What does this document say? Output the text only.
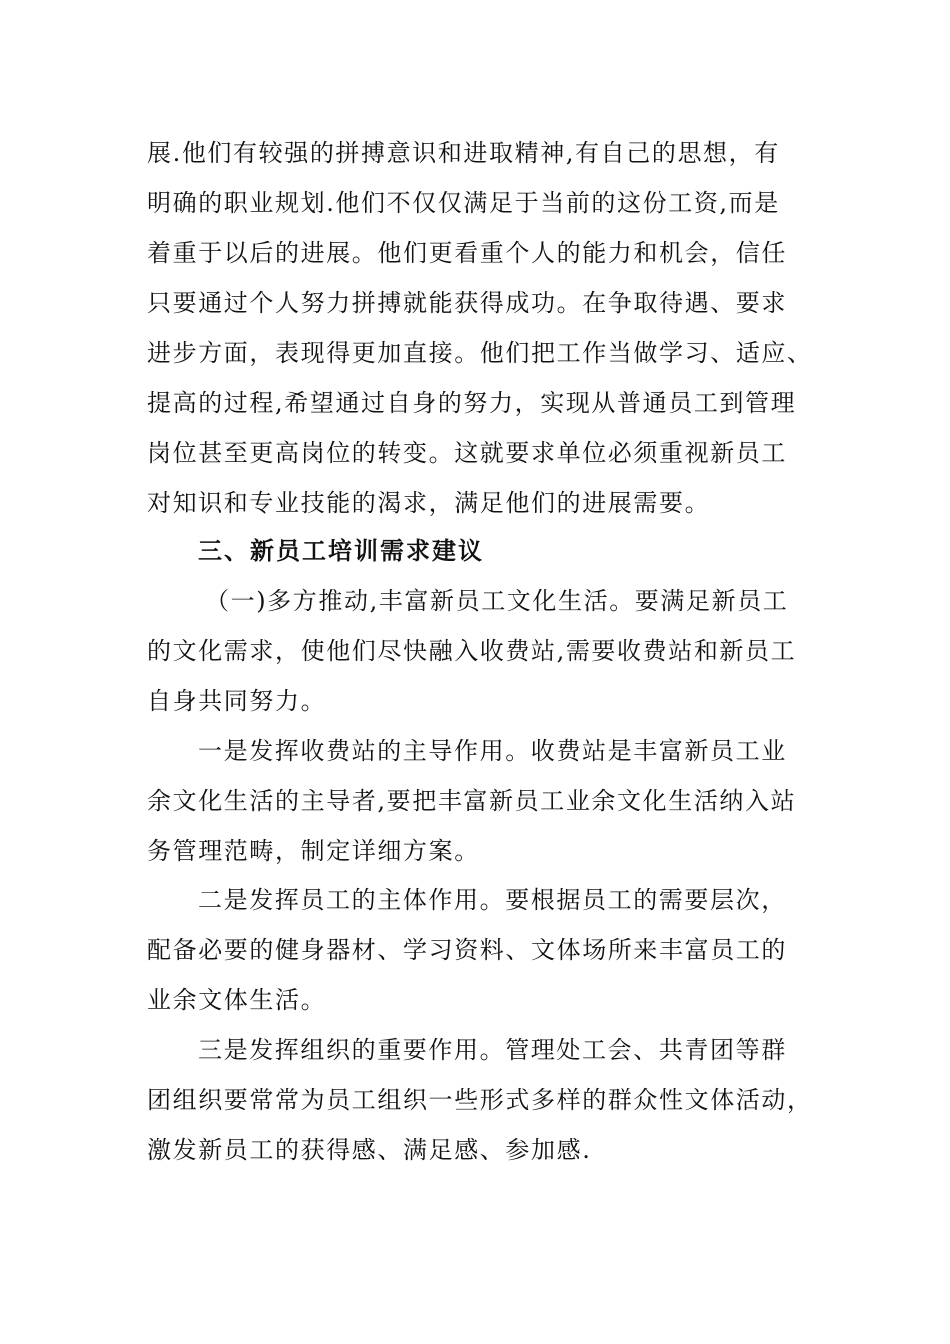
展.他们有较强的拼搏意识和进取精神,有自己的思想，有

明确的职业规划.他们不仅仅满足于当前的这份工资,而是

着重于以后的进展。他们更看重个人的能力和机会，信任

只要通过个人努力拼搏就能获得成功。在争取待遇、要求

进步方面，表现得更加直接。他们把工作当做学习、适应、

提高的过程,希望通过自身的努力，实现从普通员工到管理

岗位甚至更高岗位的转变。这就要求单位必须重视新员工

对知识和专业技能的渴求，满足他们的进展需要。

三、新员工培训需求建议

（一)多方推动,丰富新员工文化生活。要满足新员工

的文化需求，使他们尽快融入收费站,需要收费站和新员工

自身共同努力。

一是发挥收费站的主导作用。收费站是丰富新员工业

余文化生活的主导者,要把丰富新员工业余文化生活纳入站

务管理范畴，制定详细方案。

二是发挥员工的主体作用。要根据员工的需要层次，

配备必要的健身器材、学习资料、文体场所来丰富员工的

业余文体生活。

三是发挥组织的重要作用。管理处工会、共青团等群

团组织要常常为员工组织一些形式多样的群众性文体活动，

激发新员工的获得感、满足感、参加感.
